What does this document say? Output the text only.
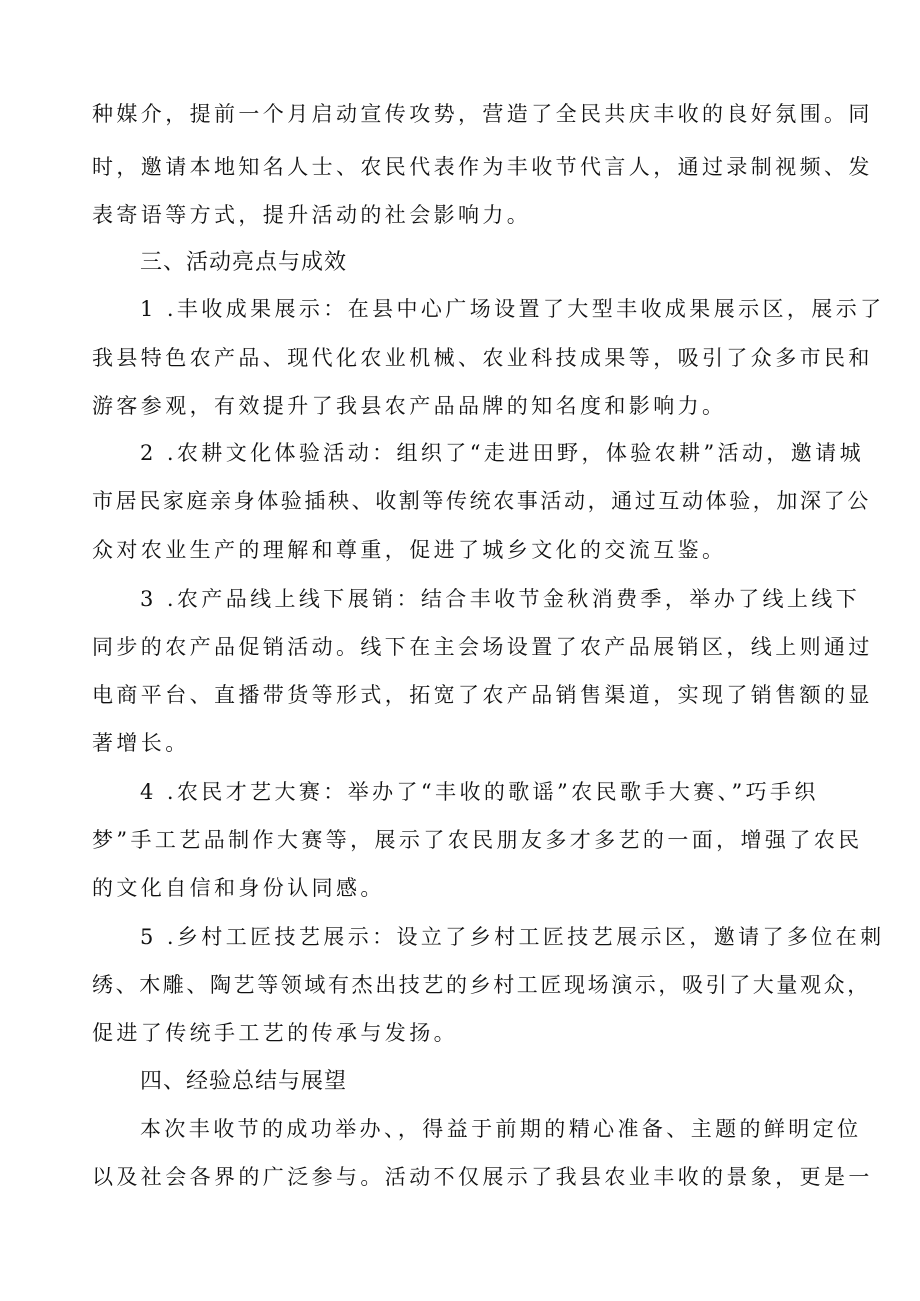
种媒介，提前一个月启动宣传攻势，营造了全民共庆丰收的良好氛围。同
时，邀请本地知名人士、农民代表作为丰收节代言人，通过录制视频、发
表寄语等方式，提升活动的社会影响力。
三、活动亮点与成效
1 .丰收成果展示：在县中心广场设置了大型丰收成果展示区，展示了
我县特色农产品、现代化农业机械、农业科技成果等，吸引了众多市民和
游客参观，有效提升了我县农产品品牌的知名度和影响力。
2 .农耕文化体验活动：组织了“走进田野，体验农耕”活动，邀请城
市居民家庭亲身体验插秧、收割等传统农事活动，通过互动体验，加深了公
众对农业生产的理解和尊重，促进了城乡文化的交流互鉴。
3 .农产品线上线下展销：结合丰收节金秋消费季，举办了线上线下
同步的农产品促销活动。线下在主会场设置了农产品展销区，线上则通过
电商平台、直播带货等形式，拓宽了农产品销售渠道，实现了销售额的显
著增长。
4 .农民才艺大赛：举办了“丰收的歌谣”农民歌手大赛、”巧手织
梦”手工艺品制作大赛等，展示了农民朋友多才多艺的一面，增强了农民
的文化自信和身份认同感。
5 .乡村工匠技艺展示：设立了乡村工匠技艺展示区，邀请了多位在刺
绣、木雕、陶艺等领域有杰出技艺的乡村工匠现场演示，吸引了大量观众，
促进了传统手工艺的传承与发扬。
四、经验总结与展望
本次丰收节的成功举办、，得益于前期的精心准备、主题的鲜明定位
以及社会各界的广泛参与。活动不仅展示了我县农业丰收的景象，更是一
